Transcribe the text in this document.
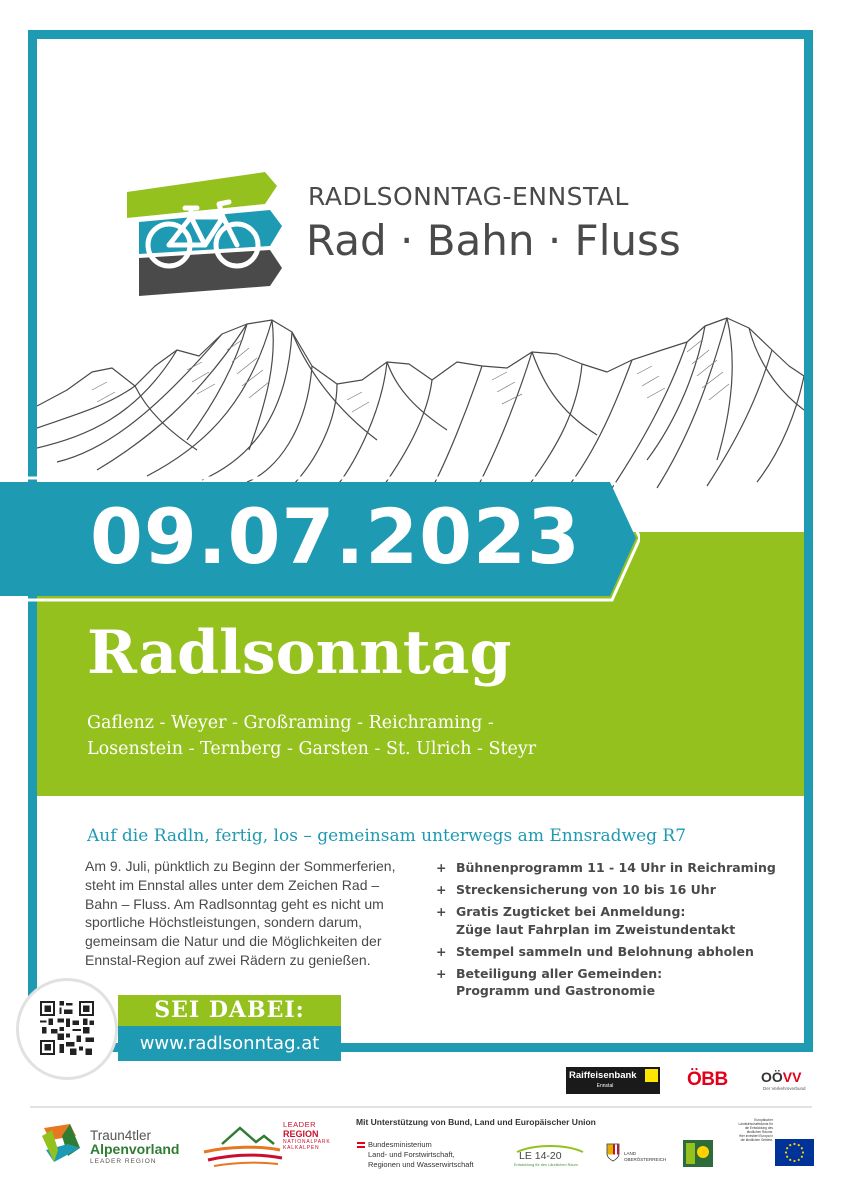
RADLSONNTAG-ENNSTAL
Rad · Bahn · Fluss
09.07.2023
Radlsonntag
Gaflenz - Weyer - Großraming - Reichraming -
Losenstein - Ternberg - Garsten - St. Ulrich - Steyr
Auf die Radln, fertig, los – gemeinsam unterwegs am Ennsradweg R7
Am 9. Juli, pünktlich zu Beginn der Sommerferien,
steht im Ennstal alles unter dem Zeichen Rad –
Bahn – Fluss. Am Radlsonntag geht es nicht um
sportliche Höchstleistungen, sondern darum,
gemeinsam die Natur und die Möglichkeiten der
Ennstal-Region auf zwei Rädern zu genießen.
+ Bühnenprogramm 11 - 14 Uhr in Reichraming
+ Streckensicherung von 10 bis 16 Uhr
+ Gratis Zugticket bei Anmeldung:
Züge laut Fahrplan im Zweistundentakt
+ Stempel sammeln und Belohnung abholen
+ Beteiligung aller Gemeinden:
Programm und Gastronomie
SEI DABEI:
www.radlsonntag.at
Raiffeisenbank
Ennstal	ÖBB OÖVV
Der Verkehrsverbund
Mit Unterstützung von Bund, Land und Europäischer Union
Traun4tler
Alpenvorland
LEADER REGION
LEADER
REGION
NATIONALPARK
KALKALPEN	Bundesministerium
Land- und Forstwirtschaft,
Regionen und Wasserwirtschaft
LE 14-20
Entwicklung für den Ländlichen Raum
LAND
OBERÖSTERREICH
Europäischer
Landwirtschaftsfonds für
die Entwicklung des
ländlichen Raums:
Hier investiert Europa in
die ländlichen Gebiete.
